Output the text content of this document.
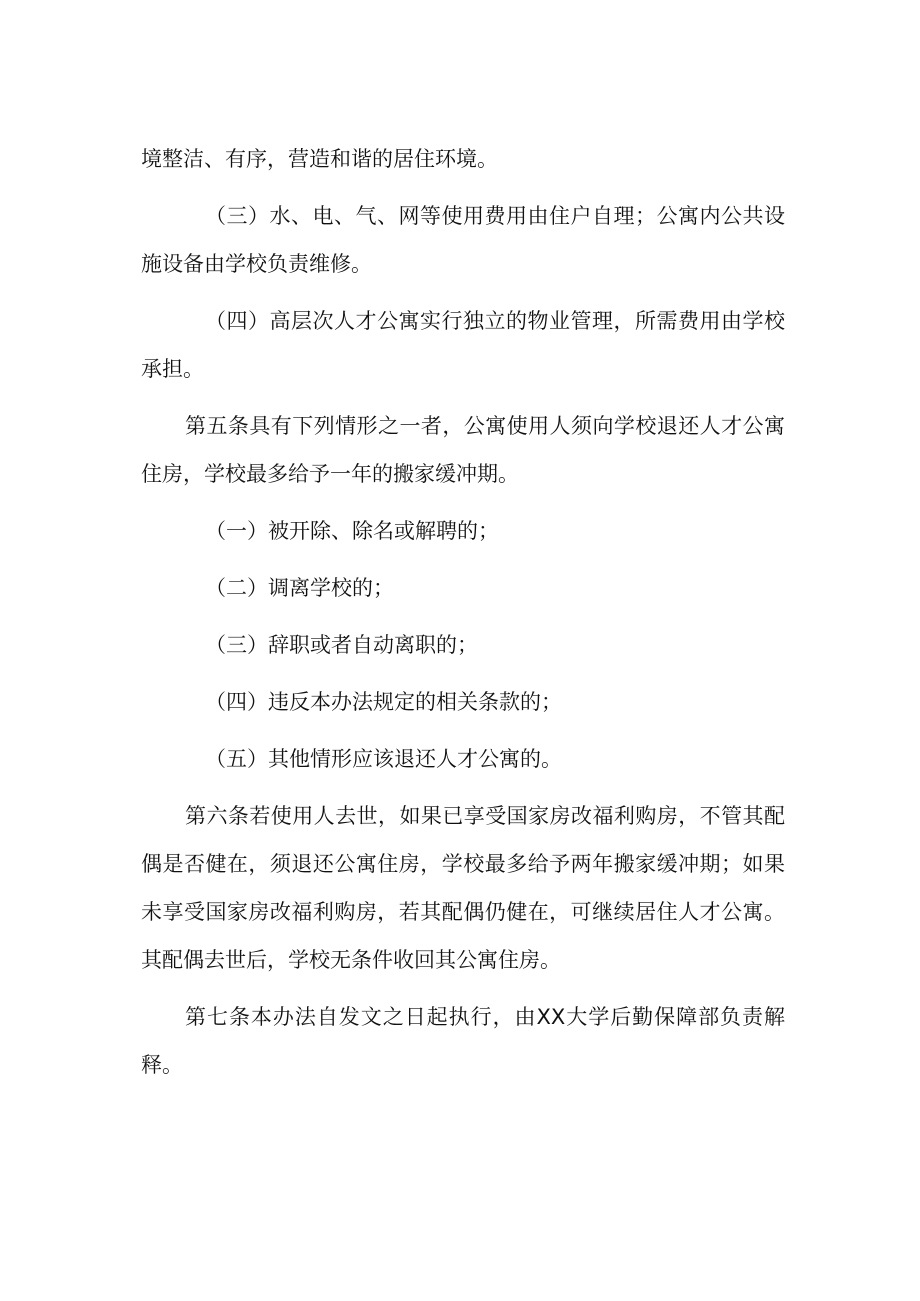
境整洁、有序，营造和谐的居住环境。

（三）水、电、气、网等使用费用由住户自理；公寓内公共设施设备由学校负责维修。

（四）高层次人才公寓实行独立的物业管理，所需费用由学校承担。

第五条具有下列情形之一者，公寓使用人须向学校退还人才公寓住房，学校最多给予一年的搬家缓冲期。

（一）被开除、除名或解聘的；

（二）调离学校的；

（三）辞职或者自动离职的；

（四）违反本办法规定的相关条款的；

（五）其他情形应该退还人才公寓的。

第六条若使用人去世，如果已享受国家房改福利购房，不管其配偶是否健在，须退还公寓住房，学校最多给予两年搬家缓冲期；如果未享受国家房改福利购房，若其配偶仍健在，可继续居住人才公寓。其配偶去世后，学校无条件收回其公寓住房。

第七条本办法自发文之日起执行，由XX大学后勤保障部负责解释。
